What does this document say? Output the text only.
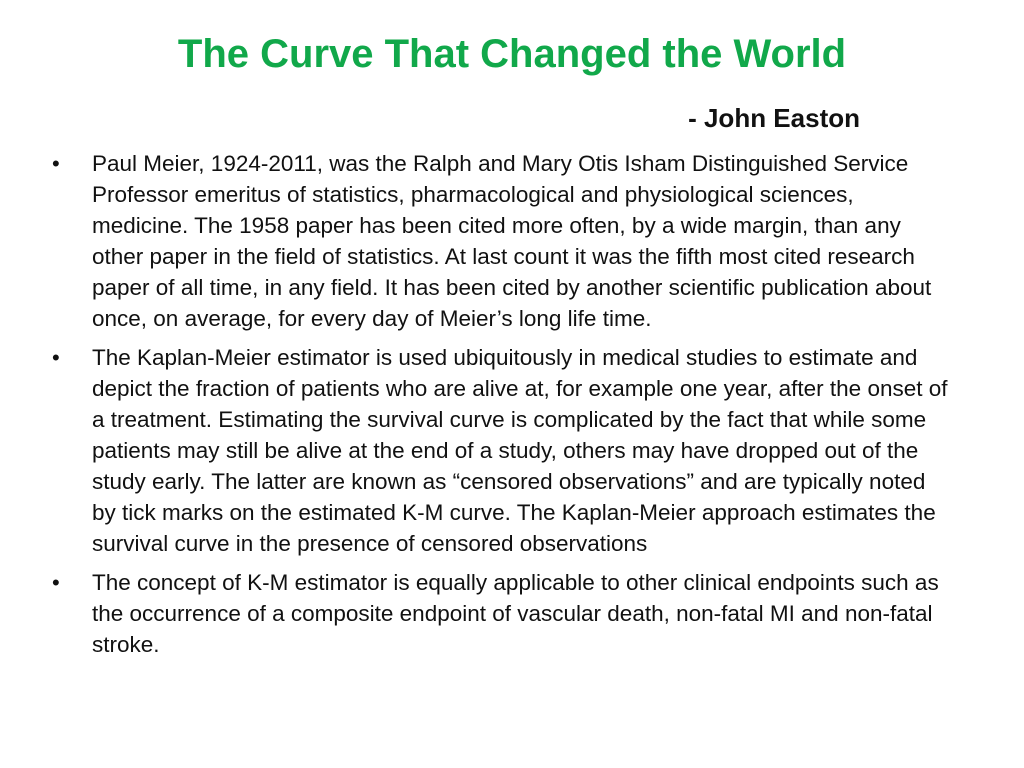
The Curve That Changed the World
- John Easton
•	Paul Meier, 1924-2011, was the Ralph and Mary Otis Isham Distinguished Service Professor emeritus of statistics, pharmacological and physiological sciences, medicine. The 1958 paper has been cited more often, by a wide margin, than any other paper in the field of statistics. At last count it was the fifth most cited research paper of all time, in any field. It has been cited by another scientific publication about once, on average, for every day of Meier’s long life time.
•	The Kaplan-Meier estimator is used ubiquitously in medical studies to estimate and depict the fraction of patients who are alive at, for example one year, after the onset of a treatment. Estimating the survival curve is complicated by the fact that while some patients may still be alive at the end of a study, others may have dropped out of the study early. The latter are known as “censored observations” and are typically noted by tick marks on the estimated K-M curve. The Kaplan-Meier approach estimates the survival curve in the presence of censored observations
•	The concept of K-M estimator is equally applicable to other clinical endpoints such as the occurrence of a composite endpoint of vascular death, non-fatal MI and non-fatal stroke.
